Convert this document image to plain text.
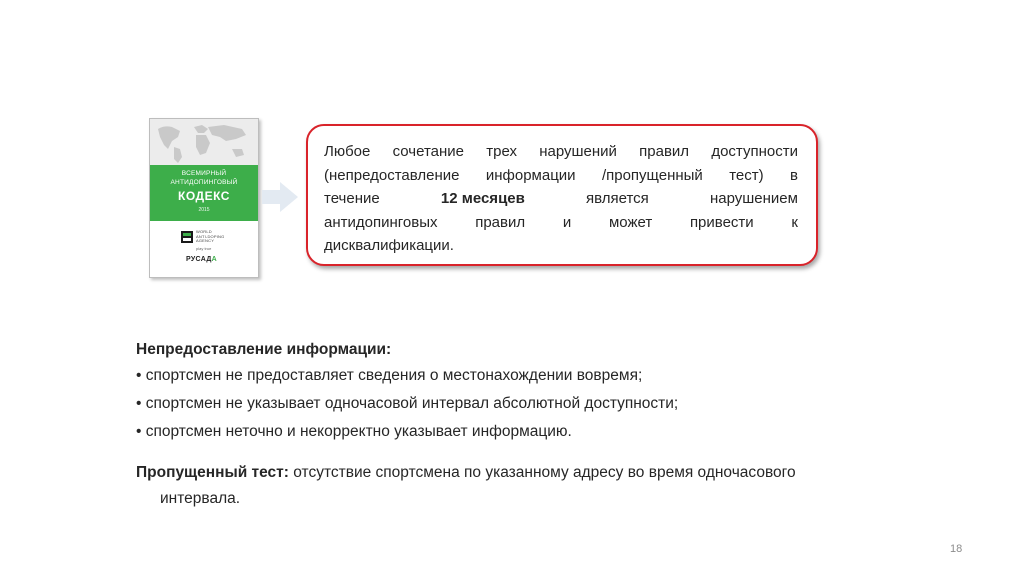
ВСЕМИРНЫЙ
АНТИДОПИНГОВЫЙ
КОДЕКС
2015
WORLD
ANTI-DOPING
AGENCY
play true
РУСАДА
Любое сочетание трех нарушений правил доступности
(непредоставление информации /пропущенный тест) в
течение	12 месяцев	является	нарушением
антидопинговых	правил	и	может	привести	к
дисквалификации.
Непредоставление информации:
• спортсмен не предоставляет сведения о местонахождении вовремя;
• спортсмен не указывает одночасовой интервал абсолютной доступности;
• спортсмен неточно и некорректно указывает информацию.
Пропущенный тест: отсутствие спортсмена по указанному адресу во время одночасового
интервала.
18
